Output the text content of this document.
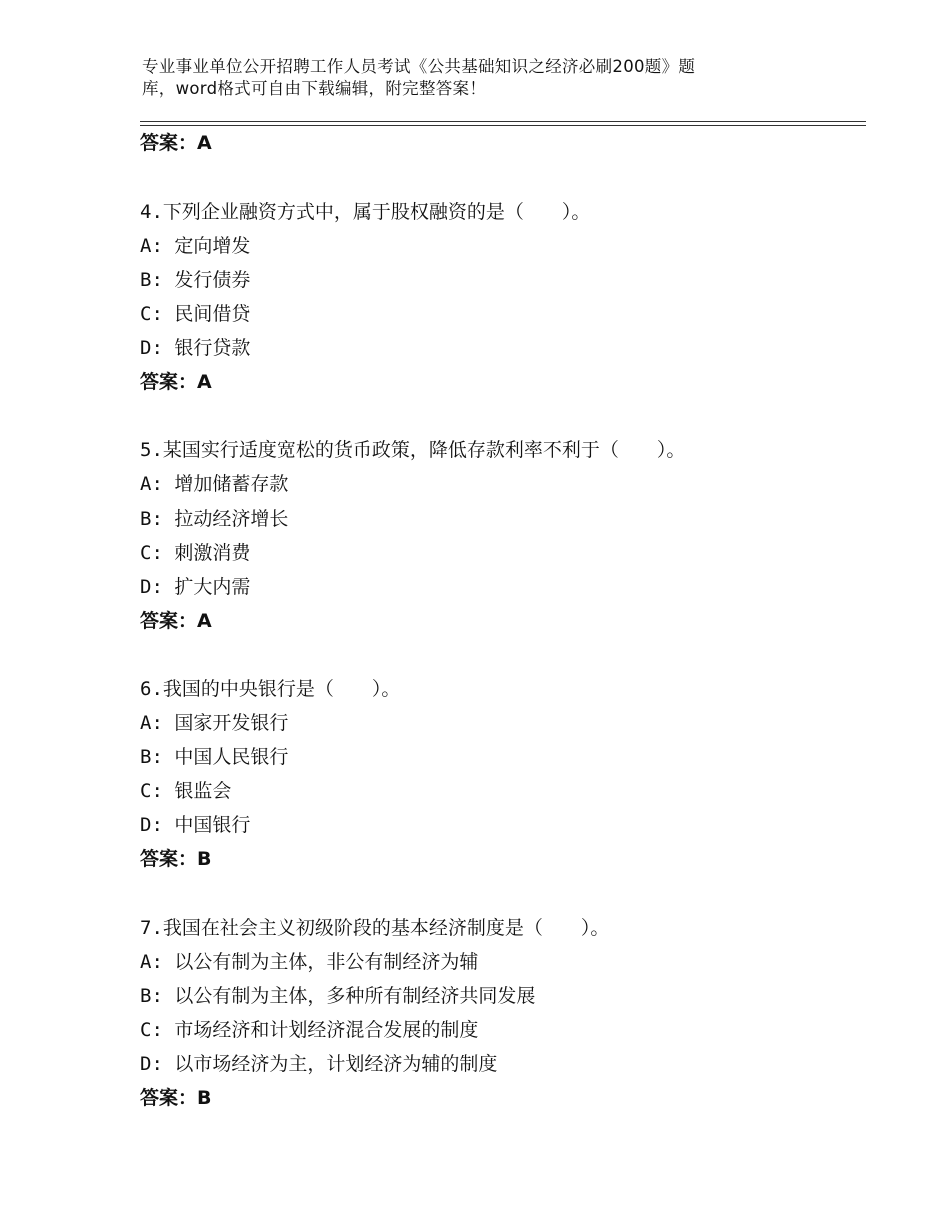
专业事业单位公开招聘工作人员考试《公共基础知识之经济必刷200题》题
库，word格式可自由下载编辑，附完整答案！
答案：A
4.下列企业融资方式中，属于股权融资的是（　　）。
A: 定向增发
B: 发行债券
C: 民间借贷
D: 银行贷款
答案：A
5.某国实行适度宽松的货币政策，降低存款利率不利于（　　）。
A: 增加储蓄存款
B: 拉动经济增长
C: 刺激消费
D: 扩大内需
答案：A
6.我国的中央银行是（　　）。
A: 国家开发银行
B: 中国人民银行
C: 银监会
D: 中国银行
答案：B
7.我国在社会主义初级阶段的基本经济制度是（　　）。
A: 以公有制为主体，非公有制经济为辅
B: 以公有制为主体，多种所有制经济共同发展
C: 市场经济和计划经济混合发展的制度
D: 以市场经济为主，计划经济为辅的制度
答案：B
